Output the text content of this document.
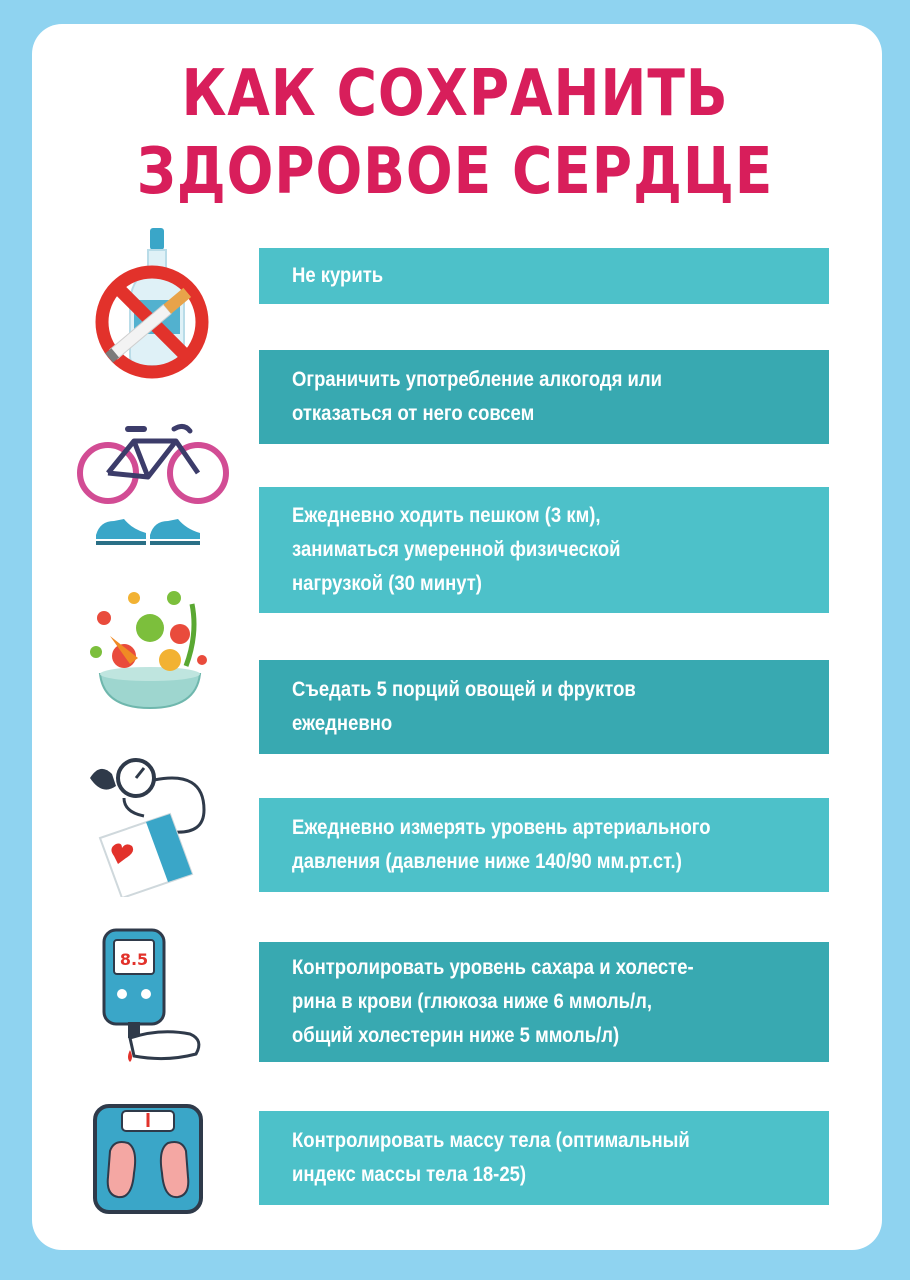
КАК СОХРАНИТЬ
ЗДОРОВОЕ СЕРДЦЕ
Не курить
Ограничить употребление алкогодя или
отказаться от него совсем
Ежедневно ходить пешком (3 км),
заниматься умеренной физической
нагрузкой (30 минут)
Съедать 5 порций овощей и фруктов
ежедневно
Ежедневно измерять уровень артериального
давления (давление ниже 140/90 мм.рт.ст.)
Контролировать уровень сахара и холесте-
рина в крови (глюкоза ниже 6 ммоль/л,
общий холестерин ниже 5 ммоль/л)
Контролировать массу тела (оптимальный
индекс массы тела 18-25)
8.5
